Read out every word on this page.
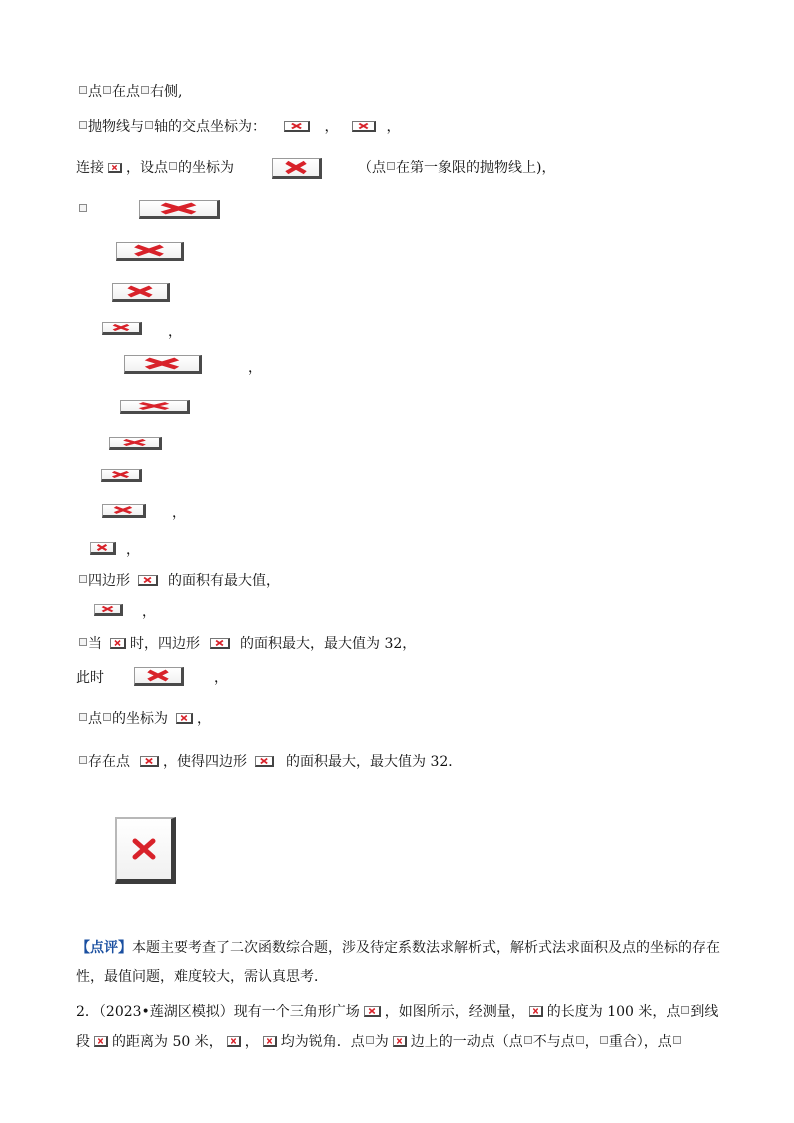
点 在点 右侧,
抛物线与 轴的交点坐标为：	，	，
连接 ，设点 的坐标为	（点 在第一象限的抛物线上)，
，
，
，
，
四边形	的面积有最大值，
，
当 时，四边形	的面积最大，最大值为 32，
此时	，
点 的坐标为 ，
存在点 ，使得四边形	的面积最大，最大值为 32．
【点评】本题主要考查了二次函数综合题，涉及待定系数法求解析式，解析式法求面积及点的坐标的存在性，最值问题，难度较大，需认真思考．
2．（2023•莲湖区模拟）现有一个三角形广场 ，如图所示，经测量， 的长度为 100 米，点 到线段 的距离为 50 米， ， 均为锐角．点 为 边上的一动点（点 不与点 ， 重合），点
